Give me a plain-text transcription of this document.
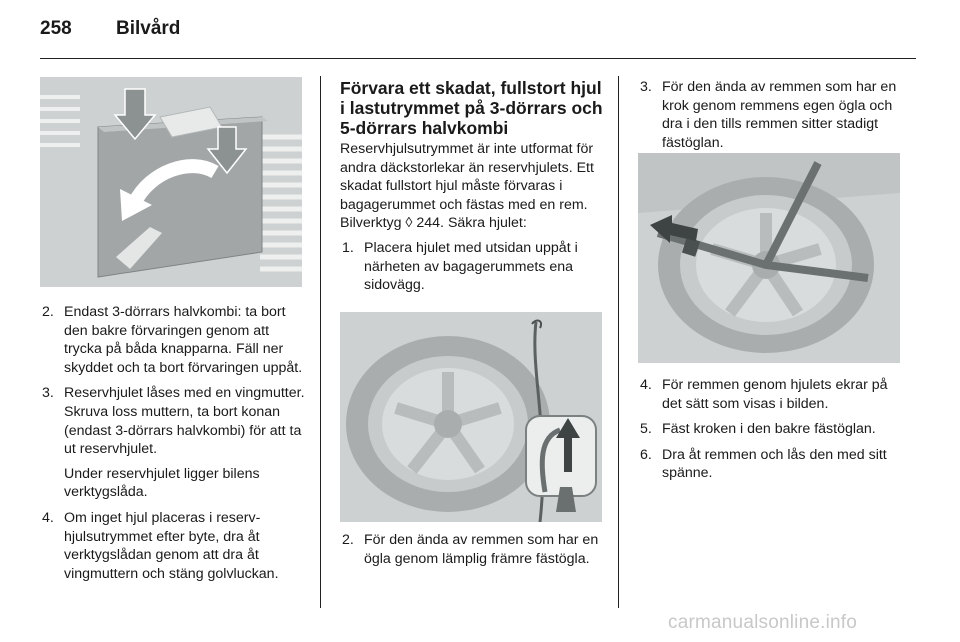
258 Bilvård
2. Endast 3-dörrars halvkombi: ta bort den bakre förvaringen genom att trycka på båda knapparna. Fäll ner skyddet och ta bort förvaringen uppåt.
3. Reservhjulet låses med en vingmutter. Skruva loss muttern, ta bort konan (endast 3-dörrars halvkombi) för att ta ut reservhjulet.
Under reservhjulet ligger bilens verktygslåda.
4. Om inget hjul placeras i reservhjulsutrymmet efter byte, dra åt verktygslådan genom att dra åt vingmuttern och stäng golvluckan.
Förvara ett skadat, fullstort hjul i lastutrymmet på 3-dörrars och 5-dörrars halvkombi

Reservhjulsutrymmet är inte utformat för andra däckstorlekar än reservhjulets. Ett skadat fullstort hjul måste förvaras i bagagerummet och fästas med en rem. Bilverktyg ◊ 244. Säkra hjulet:

1. Placera hjulet med utsidan uppåt i närheten av bagagerummets ena sidovägg.
2. För den ända av remmen som har en ögla genom lämplig främre fästögla.
3. För den ända av remmen som har en krok genom remmens egen ögla och dra i den tills remmen sitter stadigt fästöglan.
4. För remmen genom hjulets ekrar på det sätt som visas i bilden.
5. Fäst kroken i den bakre fästöglan.
6. Dra åt remmen och lås den med sitt spänne.
carmanualsonline.info
